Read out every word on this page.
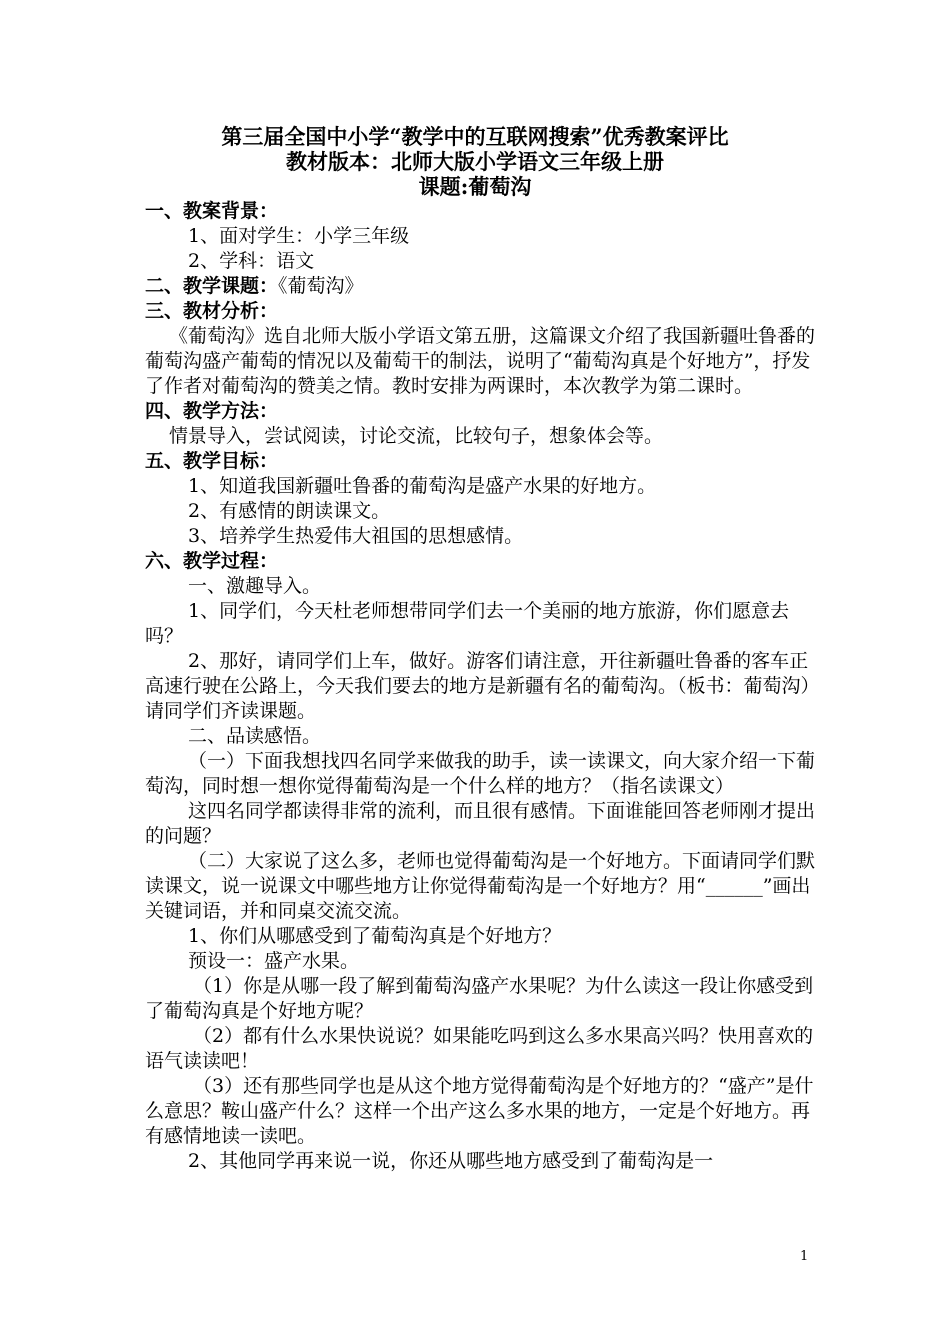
第三届全国中小学“教学中的互联网搜索”优秀教案评比
教材版本：北师大版小学语文三年级上册
课题:葡萄沟
一、教案背景：

1、面对学生：小学三年级

2、学科：语文

二、教学课题：《葡萄沟》
三、教材分析：

《葡萄沟》选自北师大版小学语文第五册，这篇课文介绍了我国新疆吐鲁番的葡萄沟盛产葡萄的情况以及葡萄干的制法，说明了“葡萄沟真是个好地方”，抒发了作者对葡萄沟的赞美之情。教时安排为两课时，本次教学为第二课时。

四、教学方法：

情景导入，尝试阅读，讨论交流，比较句子，想象体会等。

五、教学目标：

1、知道我国新疆吐鲁番的葡萄沟是盛产水果的好地方。

2、有感情的朗读课文。

3、培养学生热爱伟大祖国的思想感情。

六、教学过程：

一、激趣导入。

1、同学们，今天杜老师想带同学们去一个美丽的地方旅游，你们愿意去吗？

2、那好，请同学们上车，做好。游客们请注意，开往新疆吐鲁番的客车正高速行驶在公路上，今天我们要去的地方是新疆有名的葡萄沟。（板书：葡萄沟）请同学们齐读课题。

二、品读感悟。

（一）下面我想找四名同学来做我的助手，读一读课文，向大家介绍一下葡萄沟，同时想一想你觉得葡萄沟是一个什么样的地方？（指名读课文）

这四名同学都读得非常的流利，而且很有感情。下面谁能回答老师刚才提出的问题？

（二）大家说了这么多，老师也觉得葡萄沟是一个好地方。下面请同学们默读课文，说一说课文中哪些地方让你觉得葡萄沟是一个好地方？用“______”画出关键词语，并和同桌交流交流。

1、你们从哪感受到了葡萄沟真是个好地方？

预设一：盛产水果。

（1）你是从哪一段了解到葡萄沟盛产水果呢？为什么读这一段让你感受到了葡萄沟真是个好地方呢？

（2）都有什么水果快说说？如果能吃吗到这么多水果高兴吗？快用喜欢的语气读读吧！

（3）还有那些同学也是从这个地方觉得葡萄沟是个好地方的？“盛产”是什么意思？鞍山盛产什么？这样一个出产这么多水果的地方，一定是个好地方。再有感情地读一读吧。

2、其他同学再来说一说，你还从哪些地方感受到了葡萄沟是一

1
